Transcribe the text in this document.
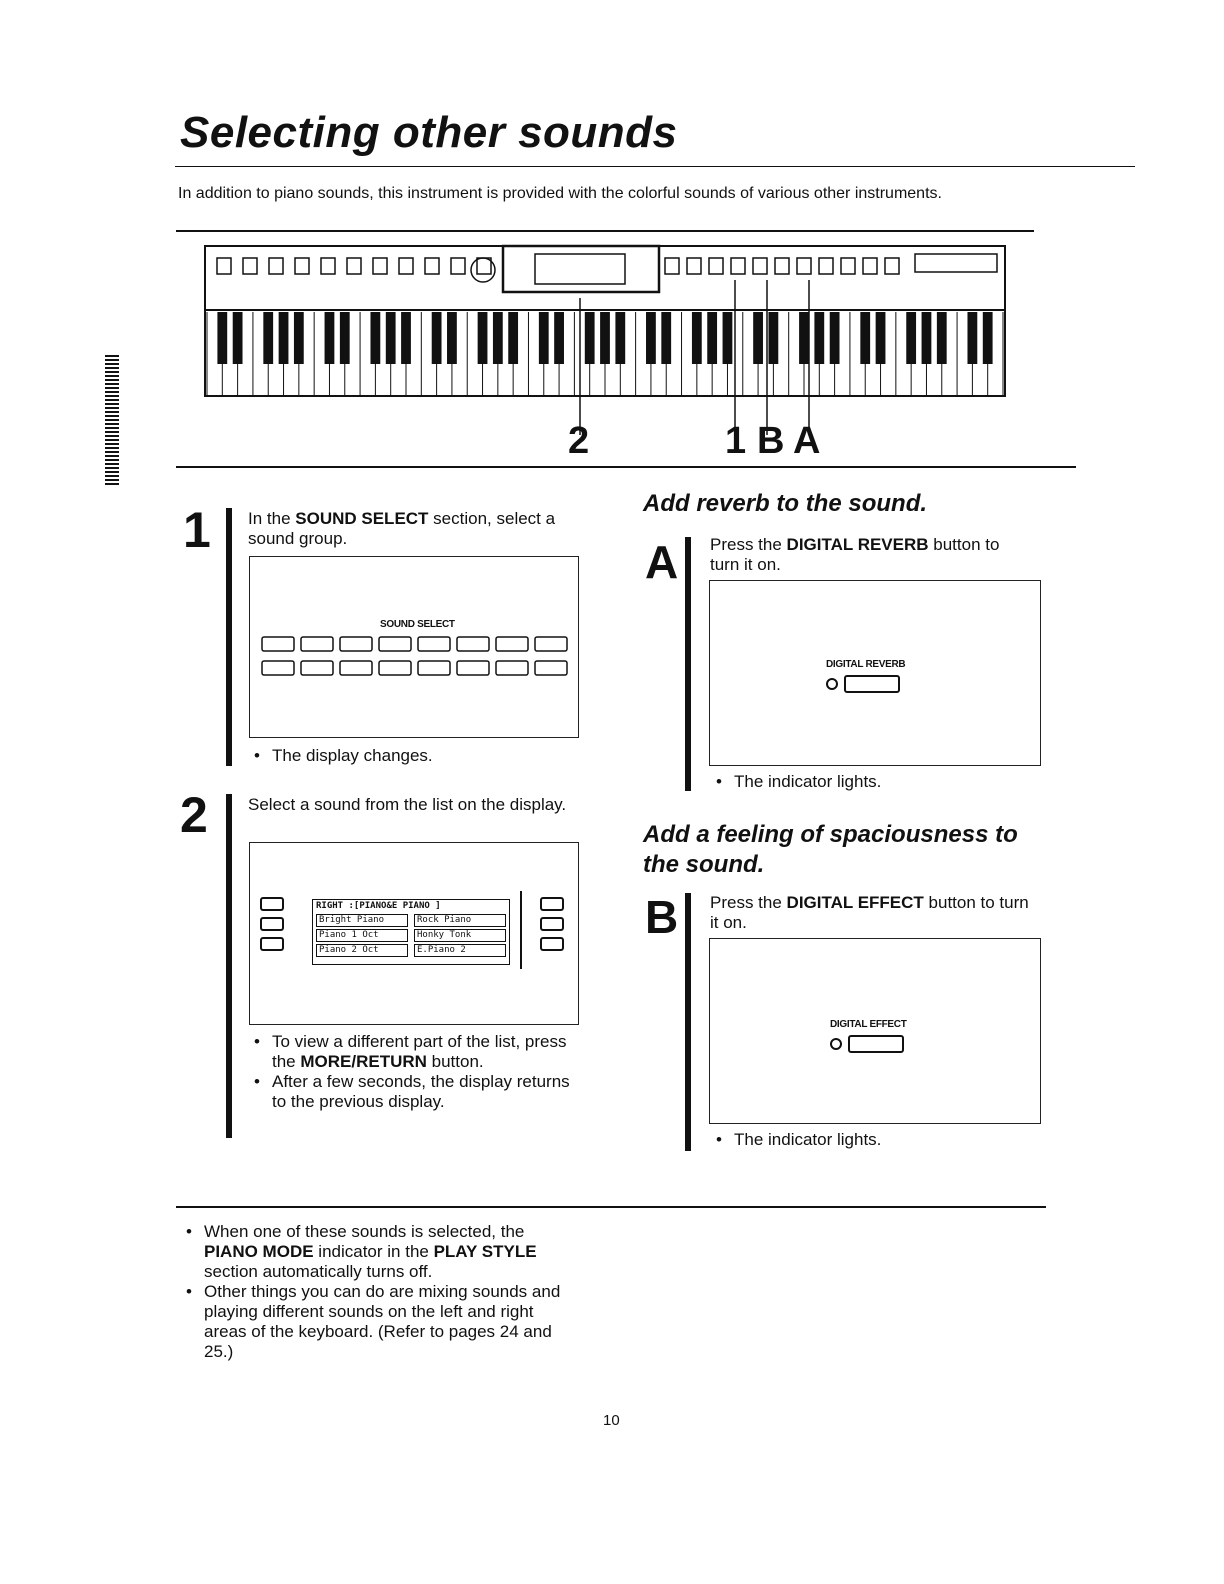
Selecting other sounds
In addition to piano sounds, this instrument is provided with the colorful sounds of various other instruments.
2	1 B A
1 In the SOUND SELECT section, select a sound group.
SOUND SELECT
• The display changes.
2 Select a sound from the list on the display.
RIGHT :[PIANO&E PIANO ]
Bright Piano	Rock Piano
Piano 1 Oct	Honky Tonk
Piano 2 Oct	E.Piano 2
• To view a different part of the list, press the MORE/RETURN button.
• After a few seconds, the display returns to the previous display.
Add reverb to the sound.
A Press the DIGITAL REVERB button to turn it on.
DIGITAL REVERB
• The indicator lights.
Add a feeling of spaciousness to the sound.
B Press the DIGITAL EFFECT button to turn it on.
DIGITAL EFFECT
• The indicator lights.
• When one of these sounds is selected, the PIANO MODE indicator in the PLAY STYLE section automatically turns off.
• Other things you can do are mixing sounds and playing different sounds on the left and right areas of the keyboard. (Refer to pages 24 and 25.)
10
